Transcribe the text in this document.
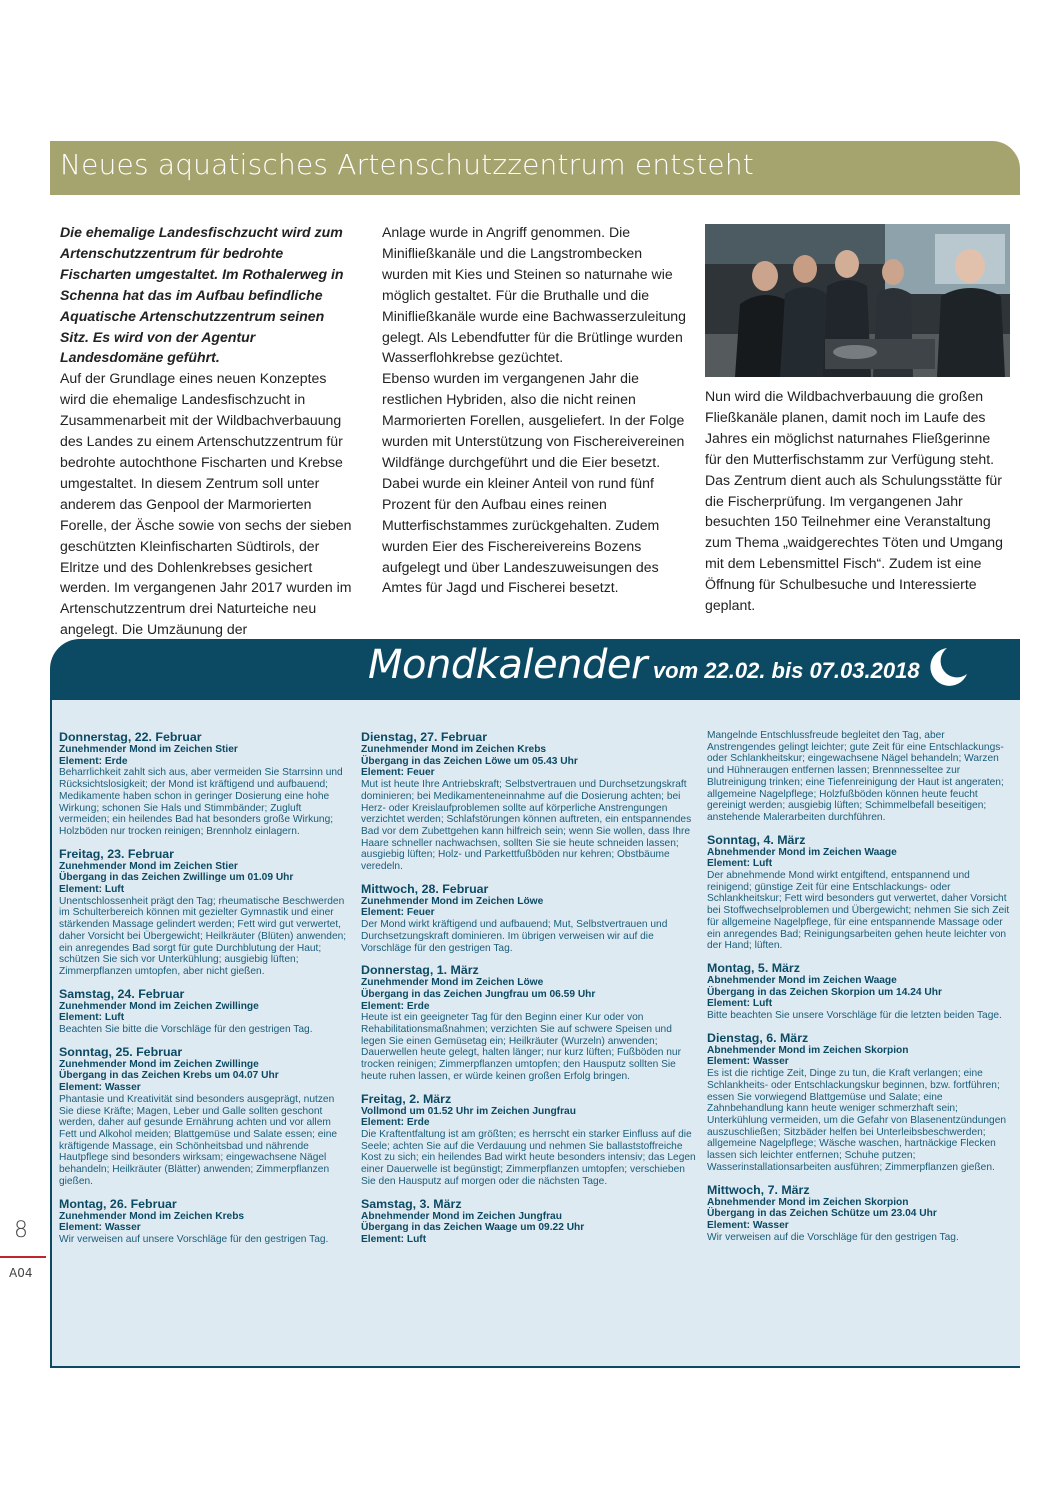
Neues aquatisches Artenschutzzentrum entsteht

Die ehemalige Landesfischzucht wird zum Artenschutzzentrum für bedrohte Fischarten umgestaltet. Im Rothalerweg in Schenna hat das im Aufbau befindliche Aquatische Artenschutzzentrum seinen Sitz. Es wird von der Agentur Landesdomäne geführt.

Auf der Grundlage eines neuen Konzeptes wird die ehemalige Landesfischzucht in Zusammenarbeit mit der Wildbachverbauung des Landes zu einem Artenschutzzentrum für bedrohte autochthone Fischarten und Krebse umgestaltet. In diesem Zentrum soll unter anderem das Genpool der Marmorierten Forelle, der Äsche sowie von sechs der sieben geschützten Kleinfischarten Südtirols, der Elritze und des Dohlenkrebses gesichert werden. Im vergangenen Jahr 2017 wurden im Artenschutzzentrum drei Naturteiche neu angelegt. Die Umzäunung der

Anlage wurde in Angriff genommen. Die Minifließkanäle und die Langstrombecken wurden mit Kies und Steinen so naturnahe wie möglich gestaltet. Für die Bruthalle und die Minifließkanäle wurde eine Bachwasserzuleitung gelegt. Als Lebendfutter für die Brütlinge wurden Wasserflohkrebse gezüchtet.

Ebenso wurden im vergangenen Jahr die restlichen Hybriden, also die nicht reinen Marmorierten Forellen, ausgeliefert. In der Folge wurden mit Unterstützung von Fischereivereinen Wildfänge durchgeführt und die Eier besetzt. Dabei wurde ein kleiner Anteil von rund fünf Prozent für den Aufbau eines reinen Mutterfischstammes zurückgehalten. Zudem wurden Eier des Fischereivereins Bozens aufgelegt und über Landeszuweisungen des Amtes für Jagd und Fischerei besetzt.

Nun wird die Wildbachverbauung die großen Fließkanäle planen, damit noch im Laufe des Jahres ein möglichst naturnahes Fließgerinne für den Mutterfischstamm zur Verfügung steht. Das Zentrum dient auch als Schulungsstätte für die Fischerprüfung. Im vergangenen Jahr besuchten 150 Teilnehmer eine Veranstaltung zum Thema „waidgerechtes Töten und Umgang mit dem Lebensmittel Fisch“. Zudem ist eine Öffnung für Schulbesuche und Interessierte geplant.

Mondkalender vom 22.02. bis 07.03.2018
Donnerstag, 22. Februar
Zunehmender Mond im Zeichen Stier
Element: Erde

Beharrlichkeit zahlt sich aus, aber vermeiden Sie Starrsinn und Rücksichtslosigkeit; der Mond ist kräftigend und aufbauend; Medikamente haben schon in geringer Dosierung eine hohe Wirkung; schonen Sie Hals und Stimmbänder; Zugluft vermeiden; ein heilendes Bad hat besonders große Wirkung; Holzböden nur trocken reinigen; Brennholz einlagern.

Freitag, 23. Februar
Zunehmender Mond im Zeichen Stier
Übergang in das Zeichen Zwillinge um 01.09 Uhr
Element: Luft

Unentschlossenheit prägt den Tag; rheumatische Beschwerden im Schulterbereich können mit gezielter Gymnastik und einer stärkenden Massage gelindert werden; Fett wird gut verwertet, daher Vorsicht bei Übergewicht; Heilkräuter (Blüten) anwenden; ein anregendes Bad sorgt für gute Durchblutung der Haut; schützen Sie sich vor Unterkühlung; ausgiebig lüften; Zimmerpflanzen umtopfen, aber nicht gießen.

Samstag, 24. Februar
Zunehmender Mond im Zeichen Zwillinge
Element: Luft

Beachten Sie bitte die Vorschläge für den gestrigen Tag.

Sonntag, 25. Februar
Zunehmender Mond im Zeichen Zwillinge
Übergang in das Zeichen Krebs um 04.07 Uhr
Element: Wasser

Phantasie und Kreativität sind besonders ausgeprägt, nutzen Sie diese Kräfte; Magen, Leber und Galle sollten geschont werden, daher auf gesunde Ernährung achten und vor allem Fett und Alkohol meiden; Blattgemüse und Salate essen; eine kräftigende Massage, ein Schönheitsbad und nährende Hautpflege sind besonders wirksam; eingewachsene Nägel behandeln; Heilkräuter (Blätter) anwenden; Zimmerpflanzen gießen.

Montag, 26. Februar
Zunehmender Mond im Zeichen Krebs
Element: Wasser

Wir verweisen auf unsere Vorschläge für den gestrigen Tag.

Dienstag, 27. Februar
Zunehmender Mond im Zeichen Krebs
Übergang in das Zeichen Löwe um 05.43 Uhr
Element: Feuer

Mut ist heute Ihre Antriebskraft; Selbstvertrauen und Durchsetzungskraft dominieren; bei Medikamenteneinnahme auf die Dosierung achten; bei Herz- oder Kreislaufproblemen sollte auf körperliche Anstrengungen verzichtet werden; Schlafstörungen können auftreten, ein entspannendes Bad vor dem Zubettgehen kann hilfreich sein; wenn Sie wollen, dass Ihre Haare schneller nachwachsen, sollten Sie sie heute schneiden lassen; ausgiebig lüften; Holz- und Parkettfußböden nur kehren; Obstbäume veredeln.

Mittwoch, 28. Februar
Zunehmender Mond im Zeichen Löwe
Element: Feuer

Der Mond wirkt kräftigend und aufbauend; Mut, Selbstvertrauen und Durchsetzungskraft dominieren. Im übrigen verweisen wir auf die Vorschläge für den gestrigen Tag.

Donnerstag, 1. März
Zunehmender Mond im Zeichen Löwe
Übergang in das Zeichen Jungfrau um 06.59 Uhr
Element: Erde

Heute ist ein geeigneter Tag für den Beginn einer Kur oder von Rehabilitationsmaßnahmen; verzichten Sie auf schwere Speisen und legen Sie einen Gemüsetag ein; Heilkräuter (Wurzeln) anwenden; Dauerwellen heute gelegt, halten länger; nur kurz lüften; Fußböden nur trocken reinigen; Zimmerpflanzen umtopfen; den Hausputz sollten Sie heute ruhen lassen, er würde keinen großen Erfolg bringen.

Freitag, 2. März
Vollmond um 01.52 Uhr im Zeichen Jungfrau
Element: Erde

Die Kraftentfaltung ist am größten; es herrscht ein starker Einfluss auf die Seele; achten Sie auf die Verdauung und nehmen Sie ballaststoffreiche Kost zu sich; ein heilendes Bad wirkt heute besonders intensiv; das Legen einer Dauerwelle ist begünstigt; Zimmerpflanzen umtopfen; verschieben Sie den Hausputz auf morgen oder die nächsten Tage.

Samstag, 3. März
Abnehmender Mond im Zeichen Jungfrau
Übergang in das Zeichen Waage um 09.22 Uhr
Element: Luft

Mangelnde Entschlussfreude begleitet den Tag, aber Anstrengendes gelingt leichter; gute Zeit für eine Entschlackungs- oder Schlankheitskur; eingewachsene Nägel behandeln; Warzen und Hühneraugen entfernen lassen; Brennnesseltee zur Blutreinigung trinken; eine Tiefenreinigung der Haut ist angeraten; allgemeine Nagelpflege; Holzfußböden können heute feucht gereinigt werden; ausgiebig lüften; Schimmelbefall beseitigen; anstehende Malerarbeiten durchführen.

Sonntag, 4. März
Abnehmender Mond im Zeichen Waage
Element: Luft

Der abnehmende Mond wirkt entgiftend, entspannend und reinigend; günstige Zeit für eine Entschlackungs- oder Schlankheitskur; Fett wird besonders gut verwertet, daher Vorsicht bei Stoffwechselproblemen und Übergewicht; nehmen Sie sich Zeit für allgemeine Nagelpflege, für eine entspannende Massage oder ein anregendes Bad; Reinigungsarbeiten gehen heute leichter von der Hand; lüften.

Montag, 5. März
Abnehmender Mond im Zeichen Waage
Übergang in das Zeichen Skorpion um 14.24 Uhr
Element: Luft

Bitte beachten Sie unsere Vorschläge für die letzten beiden Tage.

Dienstag, 6. März
Abnehmender Mond im Zeichen Skorpion
Element: Wasser

Es ist die richtige Zeit, Dinge zu tun, die Kraft verlangen; eine Schlankheits- oder Entschlackungskur beginnen, bzw. fortführen; essen Sie vorwiegend Blattgemüse und Salate; eine Zahnbehandlung kann heute weniger schmerzhaft sein; Unterkühlung vermeiden, um die Gefahr von Blasenentzündungen auszuschließen; Sitzbäder helfen bei Unterleibsbeschwerden; allgemeine Nagelpflege; Wäsche waschen, hartnäckige Flecken lassen sich leichter entfernen; Schuhe putzen; Wasserinstallationsarbeiten ausführen; Zimmerpflanzen gießen.

Mittwoch, 7. März
Abnehmender Mond im Zeichen Skorpion
Übergang in das Zeichen Schütze um 23.04 Uhr
Element: Wasser

Wir verweisen auf die Vorschläge für den gestrigen Tag.

8
A04
